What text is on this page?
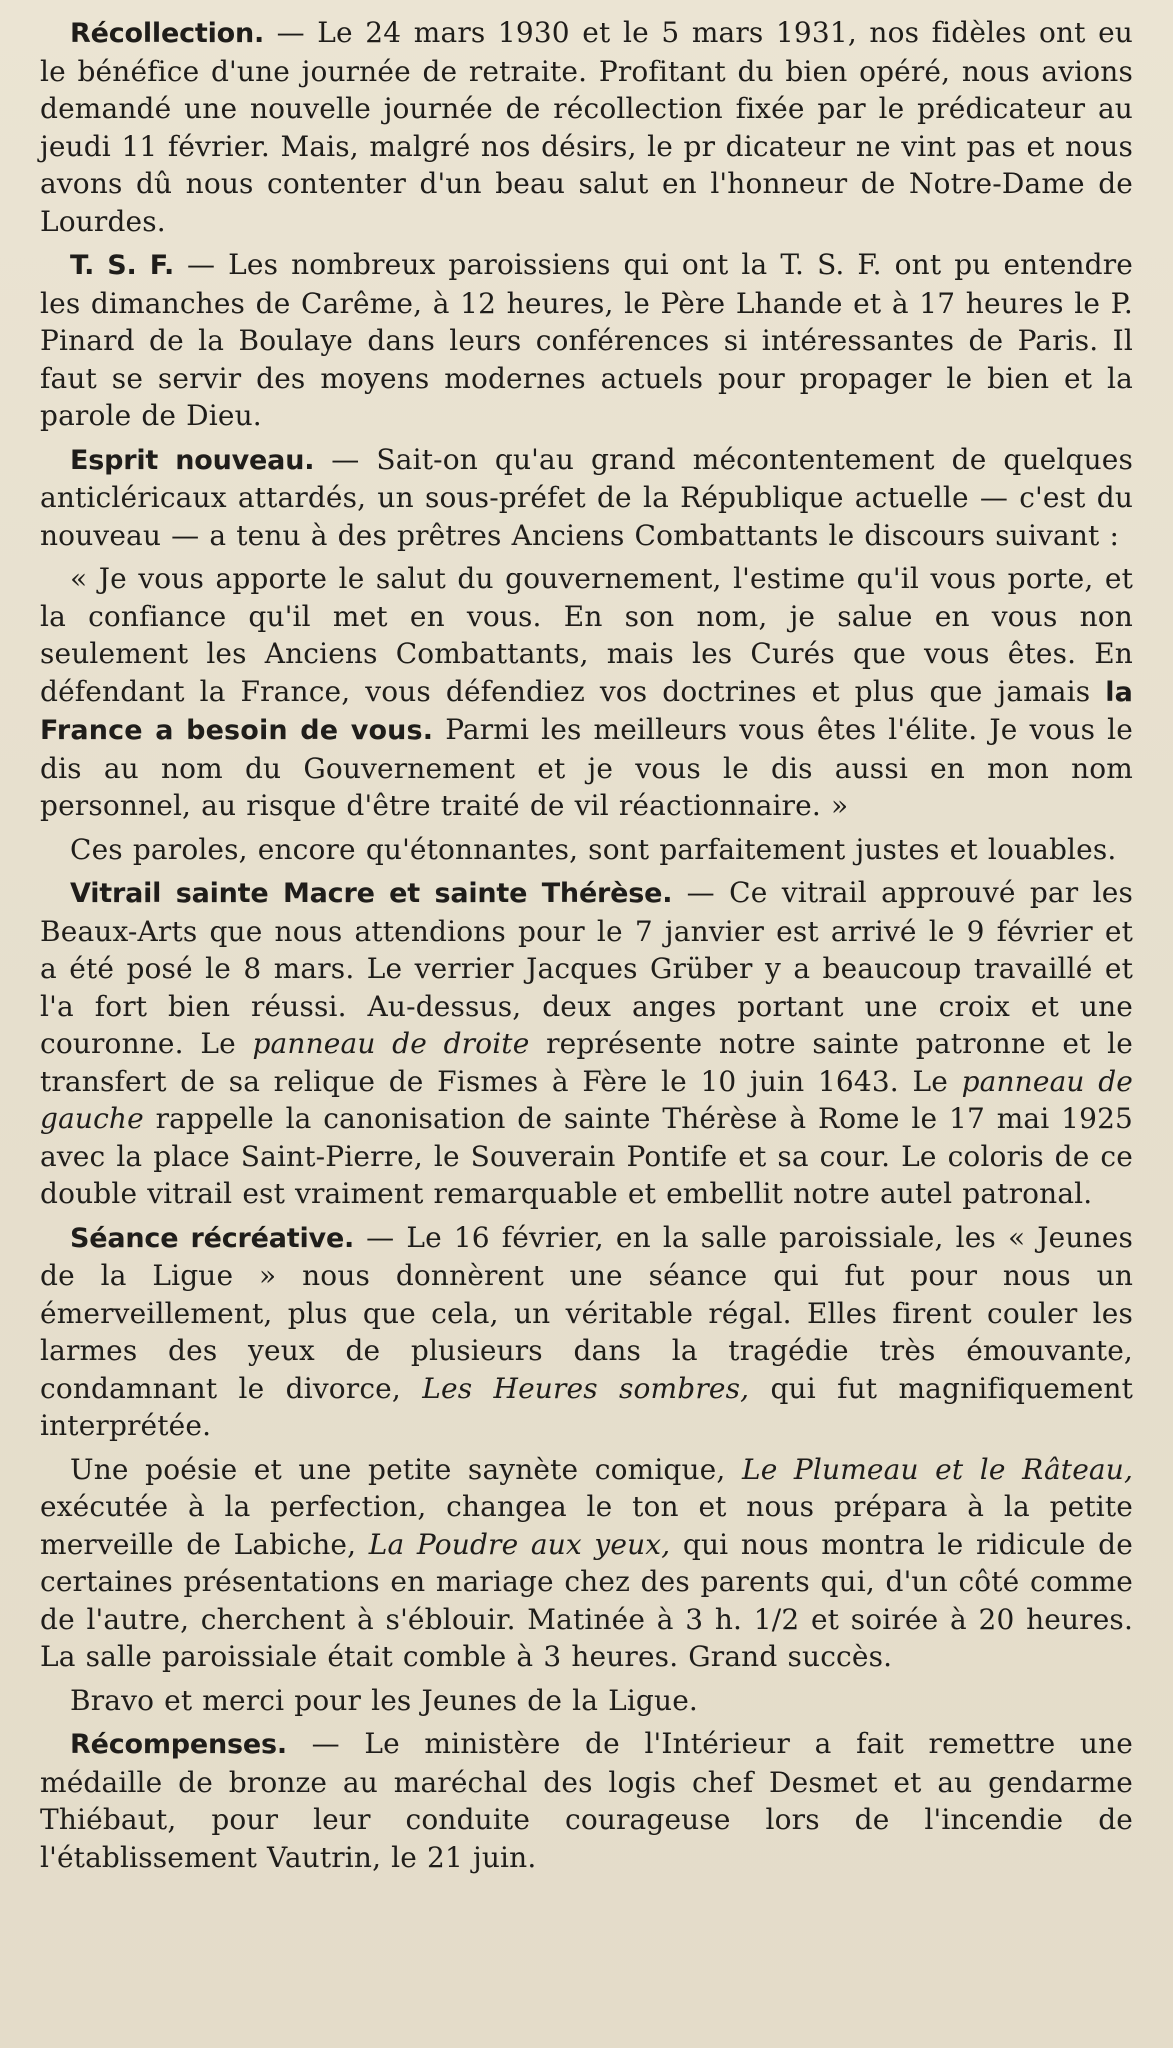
Récollection. — Le 24 mars 1930 et le 5 mars 1931, nos fidèles ont eu le bénéfice d'une journée de retraite. Profitant du bien opéré, nous avions demandé une nouvelle journée de récollection fixée par le prédicateur au jeudi 11 février. Mais, malgré nos désirs, le pr dicateur ne vint pas et nous avons dû nous contenter d'un beau salut en l'honneur de Notre-Dame de Lourdes.

T. S. F. — Les nombreux paroissiens qui ont la T. S. F. ont pu entendre les dimanches de Carême, à 12 heures, le Père Lhande et à 17 heures le P. Pinard de la Boulaye dans leurs conférences si intéressantes de Paris. Il faut se servir des moyens modernes actuels pour propager le bien et la parole de Dieu.

Esprit nouveau. — Sait-on qu'au grand mécontentement de quelques anticléricaux attardés, un sous-préfet de la République actuelle — c'est du nouveau — a tenu à des prêtres Anciens Combattants le discours suivant :

« Je vous apporte le salut du gouvernement, l'estime qu'il vous porte, et la confiance qu'il met en vous. En son nom, je salue en vous non seulement les Anciens Combattants, mais les Curés que vous êtes. En défendant la France, vous défendiez vos doctrines et plus que jamais la France a besoin de vous. Parmi les meilleurs vous êtes l'élite. Je vous le dis au nom du Gouvernement et je vous le dis aussi en mon nom personnel, au risque d'être traité de vil réactionnaire. »

Ces paroles, encore qu'étonnantes, sont parfaitement justes et louables.

Vitrail sainte Macre et sainte Thérèse. — Ce vitrail approuvé par les Beaux-Arts que nous attendions pour le 7 janvier est arrivé le 9 février et a été posé le 8 mars. Le verrier Jacques Grüber y a beaucoup travaillé et l'a fort bien réussi. Au-dessus, deux anges portant une croix et une couronne. Le panneau de droite représente notre sainte patronne et le transfert de sa relique de Fismes à Fère le 10 juin 1643. Le panneau de gauche rappelle la canonisation de sainte Thérèse à Rome le 17 mai 1925 avec la place Saint-Pierre, le Souverain Pontife et sa cour. Le coloris de ce double vitrail est vraiment remarquable et embellit notre autel patronal.

Séance récréative. — Le 16 février, en la salle paroissiale, les « Jeunes de la Ligue » nous donnèrent une séance qui fut pour nous un émerveillement, plus que cela, un véritable régal. Elles firent couler les larmes des yeux de plusieurs dans la tragédie très émouvante, condamnant le divorce, Les Heures sombres, qui fut magnifiquement interprétée.

Une poésie et une petite saynète comique, Le Plumeau et le Râteau, exécutée à la perfection, changea le ton et nous prépara à la petite merveille de Labiche, La Poudre aux yeux, qui nous montra le ridicule de certaines présentations en mariage chez des parents qui, d'un côté comme de l'autre, cherchent à s'éblouir. Matinée à 3 h. 1/2 et soirée à 20 heures. La salle paroissiale était comble à 3 heures. Grand succès.

Bravo et merci pour les Jeunes de la Ligue.

Récompenses. — Le ministère de l'Intérieur a fait remettre une médaille de bronze au maréchal des logis chef Desmet et au gendarme Thiébaut, pour leur conduite courageuse lors de l'incendie de l'établissement Vautrin, le 21 juin.
